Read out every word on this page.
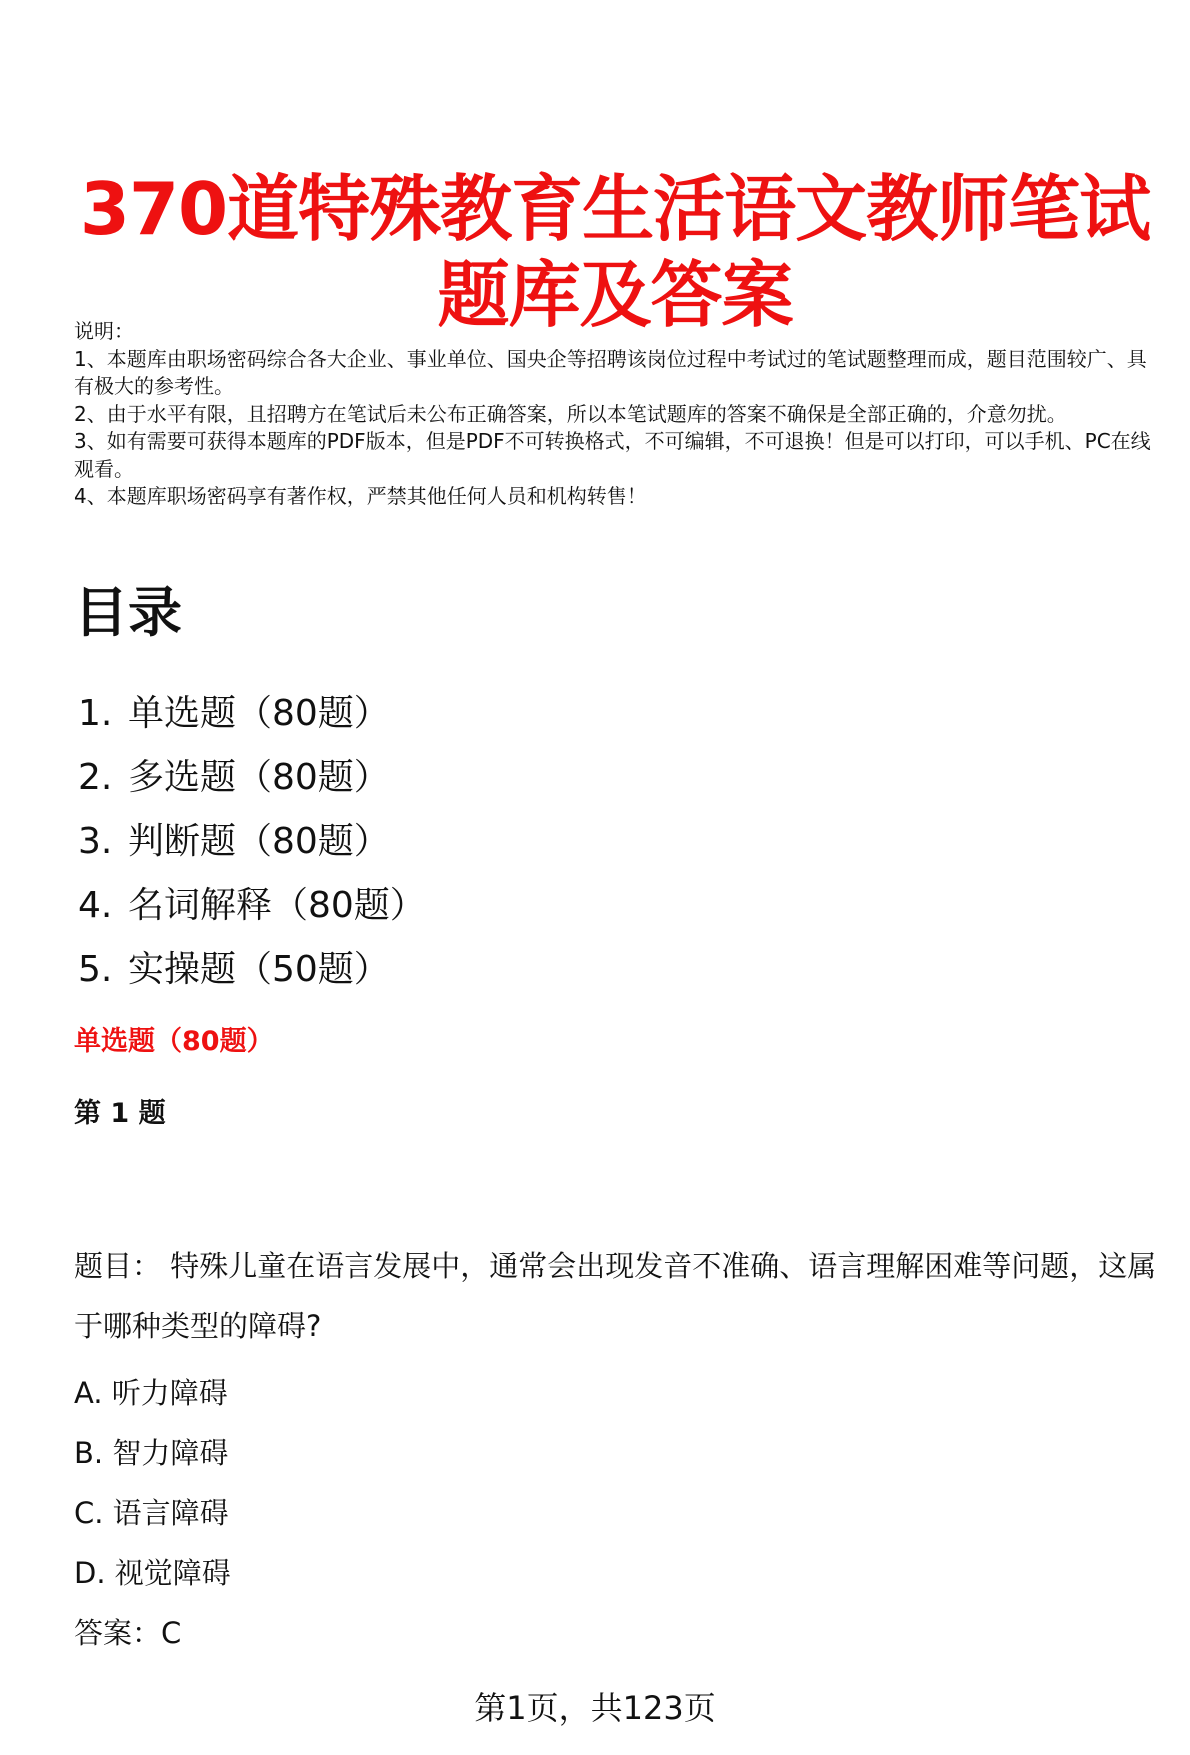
370道特殊教育生活语文教师笔试题库及答案
说明：
1、本题库由职场密码综合各大企业、事业单位、国央企等招聘该岗位过程中考试过的笔试题整理而成，题目范围较广、具有极大的参考性。
2、由于水平有限，且招聘方在笔试后未公布正确答案，所以本笔试题库的答案不确保是全部正确的，介意勿扰。
3、如有需要可获得本题库的PDF版本，但是PDF不可转换格式，不可编辑，不可退换！但是可以打印，可以手机、PC在线观看。
4、本题库职场密码享有著作权，严禁其他任何人员和机构转售！
目录
1. 单选题（80题）
2. 多选题（80题）
3. 判断题（80题）
4. 名词解释（80题）
5. 实操题（50题）
单选题（80题）
第 1 题
题目： 特殊儿童在语言发展中，通常会出现发音不准确、语言理解困难等问题，这属于哪种类型的障碍?
A. 听力障碍
B. 智力障碍
C. 语言障碍
D. 视觉障碍
答案：C
第1页，共123页
